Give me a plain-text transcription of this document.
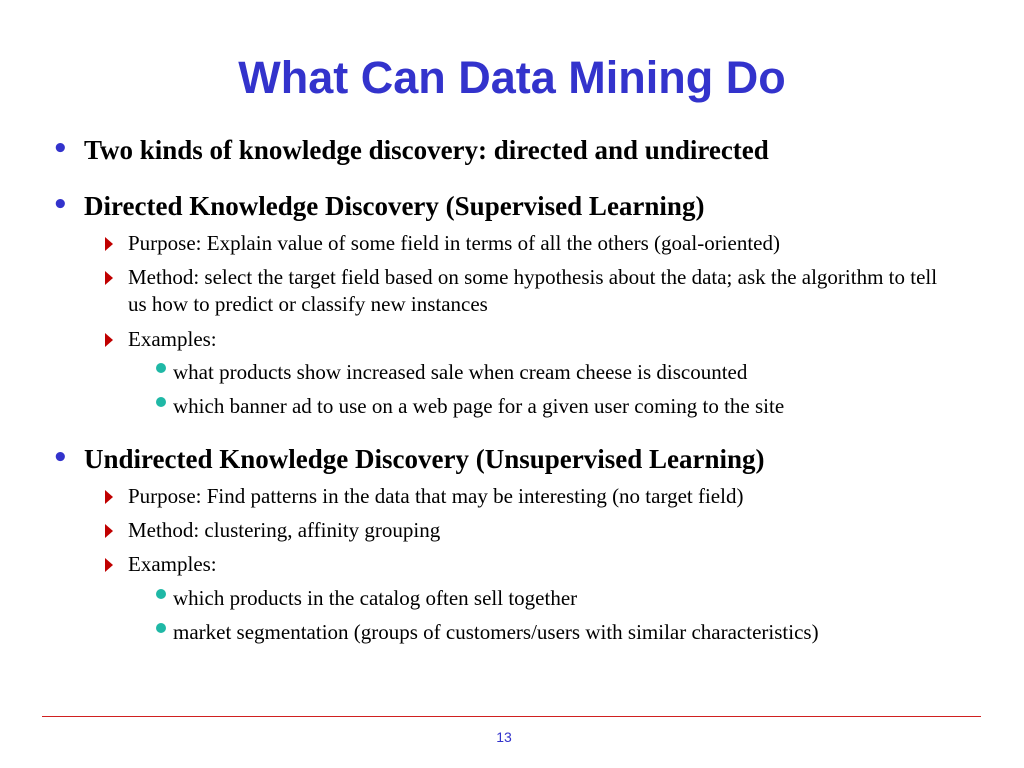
What Can Data Mining Do
• Two kinds of knowledge discovery: directed and undirected
• Directed Knowledge Discovery (Supervised Learning)
Purpose: Explain value of some field in terms of all the others (goal-oriented)
Method: select the target field based on some hypothesis about the data; ask the algorithm to tell us how to predict or classify new instances
Examples:
what products show increased sale when cream cheese is discounted
which banner ad to use on a web page for a given user coming to the site
• Undirected Knowledge Discovery (Unsupervised Learning)
Purpose: Find patterns in the data that may be interesting (no target field)
Method: clustering, affinity grouping
Examples:
which products in the catalog often sell together
market segmentation (groups of customers/users with similar characteristics)
13
